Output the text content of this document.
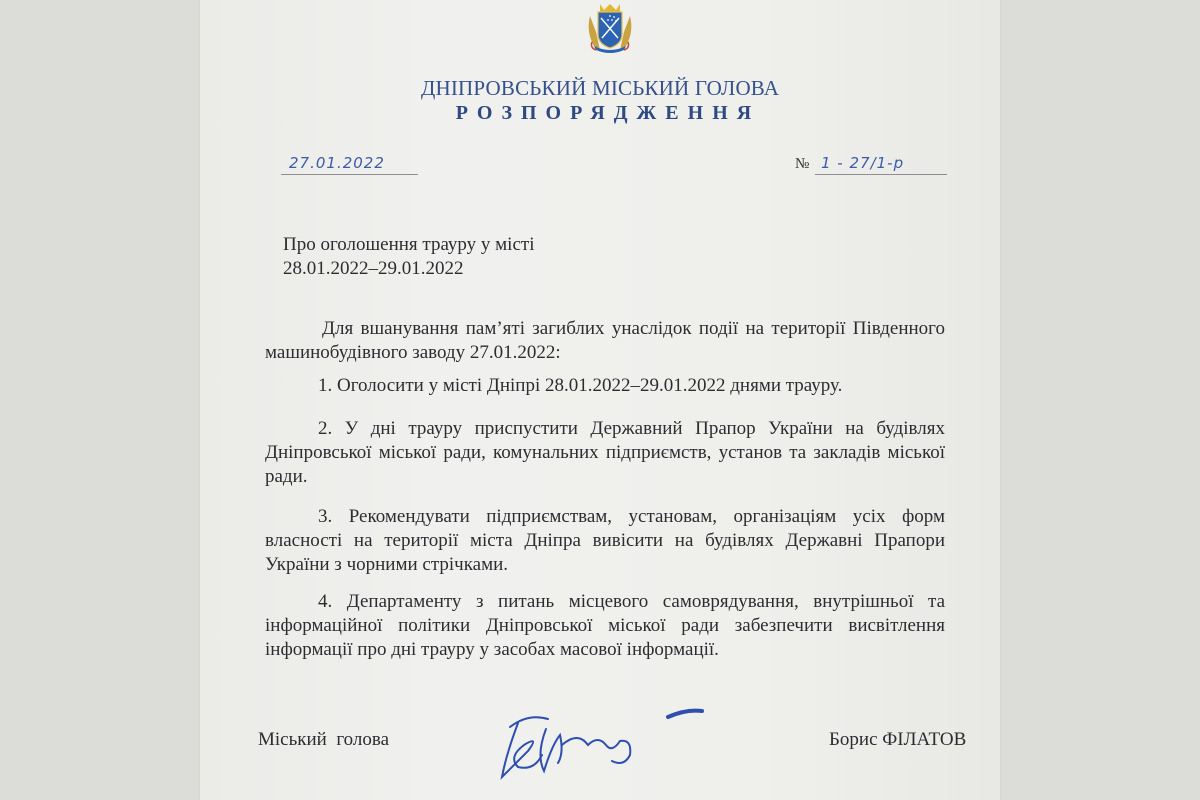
ДНІПРОВСЬКИЙ МІСЬКИЙ ГОЛОВА
РОЗПОРЯДЖЕННЯ
27.01.2022	№ 1 - 27/1-р
Про оголошення трауру у місті
28.01.2022–29.01.2022
Для вшанування пам’яті загиблих унаслідок події на території Південного машинобудівного заводу 27.01.2022:
1. Оголосити у місті Дніпрі 28.01.2022–29.01.2022 днями трауру.
2. У дні трауру приспустити Державний Прапор України на будівлях Дніпровської міської ради, комунальних підприємств, установ та закладів міської ради.
3. Рекомендувати підприємствам, установам, організаціям усіх форм власності на території міста Дніпра вивісити на будівлях Державні Прапори України з чорними стрічками.
4. Департаменту з питань місцевого самоврядування, внутрішньої та інформаційної політики Дніпровської міської ради забезпечити висвітлення інформації про дні трауру у засобах масової інформації.
Міський  голова	Борис ФІЛАТОВ
